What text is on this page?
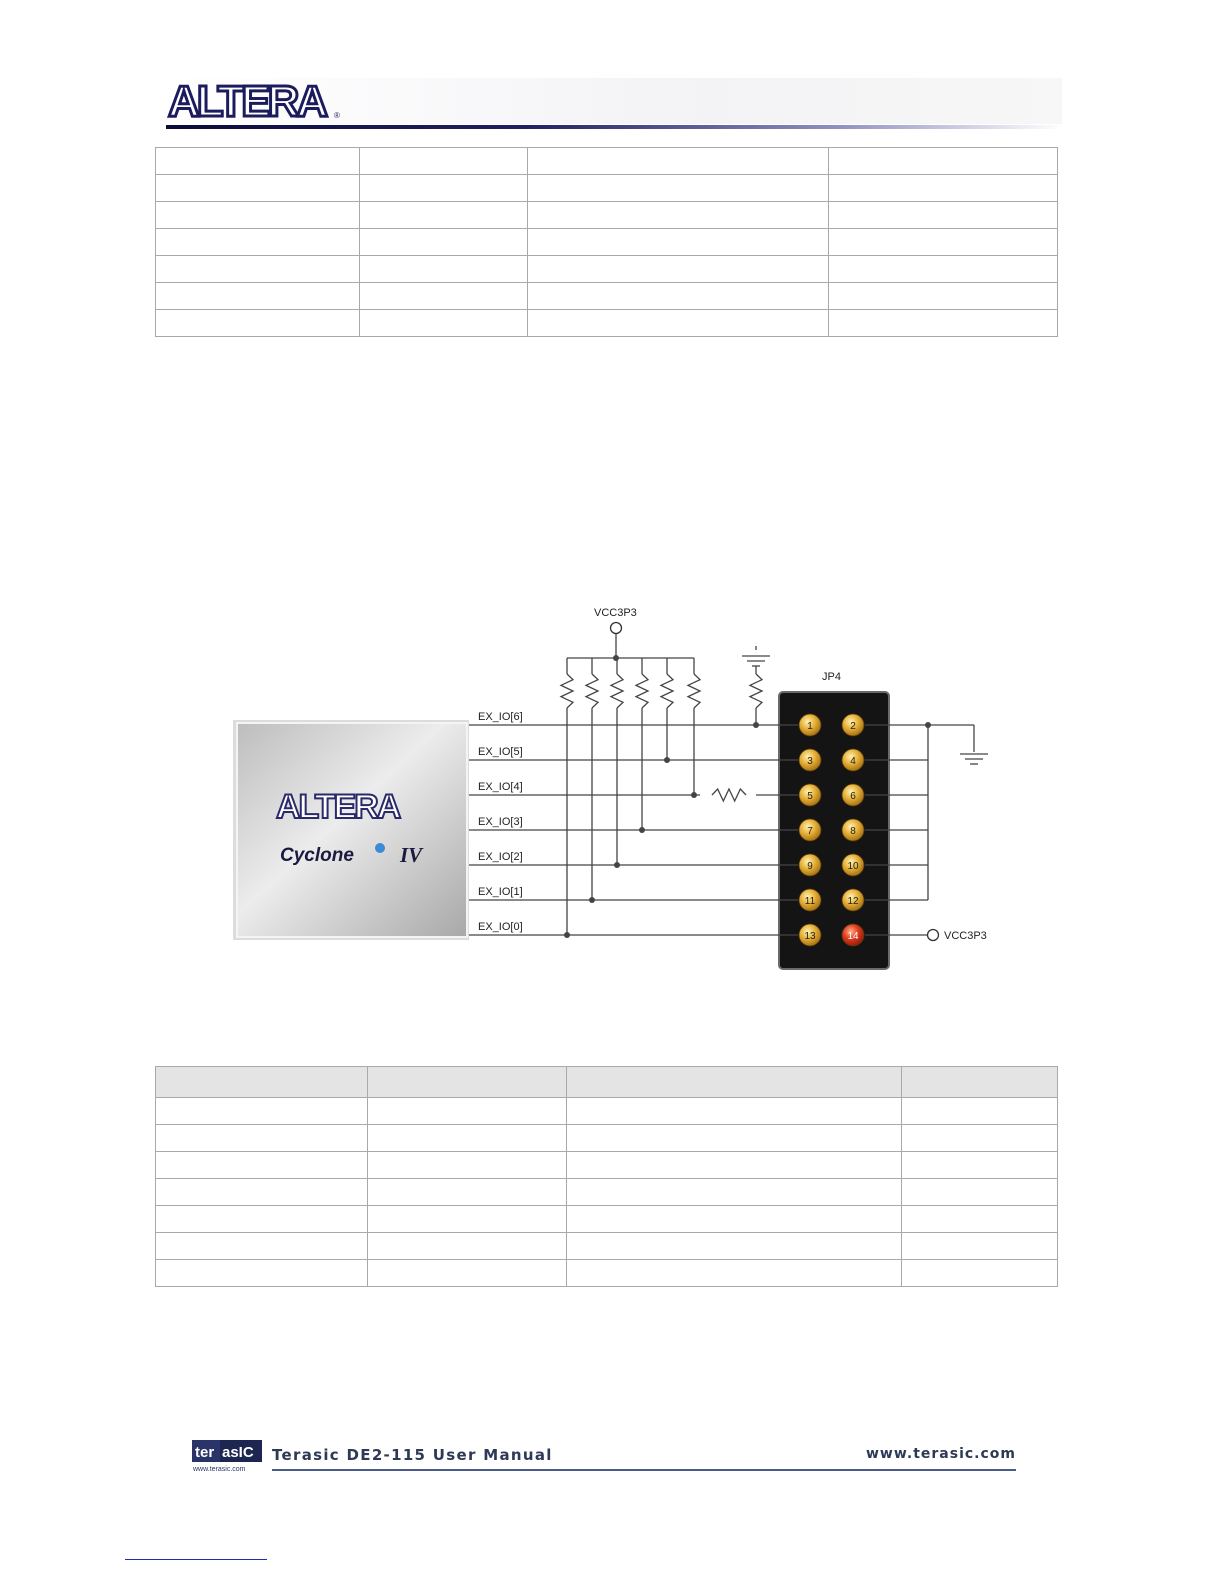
ALTERA ®

ALTERA
Cyclone IV
VCC3P3
JP4
EX_IO[6]
EX_IO[5]
EX_IO[4]
EX_IO[3]
EX_IO[2]
EX_IO[1]
EX_IO[0]
VCC3P3
1	2
3	4
5	6
7	8
9	10
11	12
13	14

ter asIC
www.terasic.com
Terasic DE2-115 User Manual	www.terasic.com
